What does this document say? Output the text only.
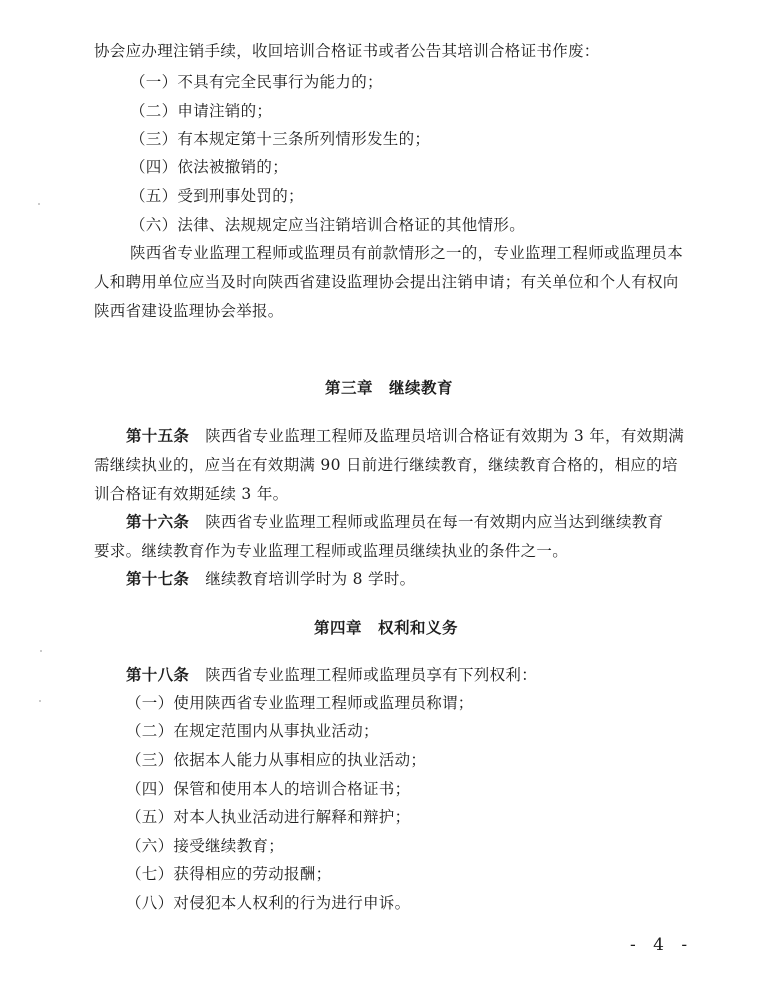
协会应办理注销手续，收回培训合格证书或者公告其培训合格证书作废：
（一）不具有完全民事行为能力的；
（二）申请注销的；
（三）有本规定第十三条所列情形发生的；
（四）依法被撤销的；
（五）受到刑事处罚的；
（六）法律、法规规定应当注销培训合格证的其他情形。
陕西省专业监理工程师或监理员有前款情形之一的，专业监理工程师或监理员本
人和聘用单位应当及时向陕西省建设监理协会提出注销申请；有关单位和个人有权向
陕西省建设监理协会举报。
第三章 继续教育
第十五条 陕西省专业监理工程师及监理员培训合格证有效期为 3 年，有效期满
需继续执业的，应当在有效期满 90 日前进行继续教育，继续教育合格的，相应的培
训合格证有效期延续 3 年。
第十六条 陕西省专业监理工程师或监理员在每一有效期内应当达到继续教育
要求。继续教育作为专业监理工程师或监理员继续执业的条件之一。
第十七条 继续教育培训学时为 8 学时。
第四章 权利和义务
第十八条 陕西省专业监理工程师或监理员享有下列权利：
（一）使用陕西省专业监理工程师或监理员称谓；
（二）在规定范围内从事执业活动；
（三）依据本人能力从事相应的执业活动；
（四）保管和使用本人的培训合格证书；
（五）对本人执业活动进行解释和辩护；
（六）接受继续教育；
（七）获得相应的劳动报酬；
（八）对侵犯本人权利的行为进行申诉。
- 4 -
